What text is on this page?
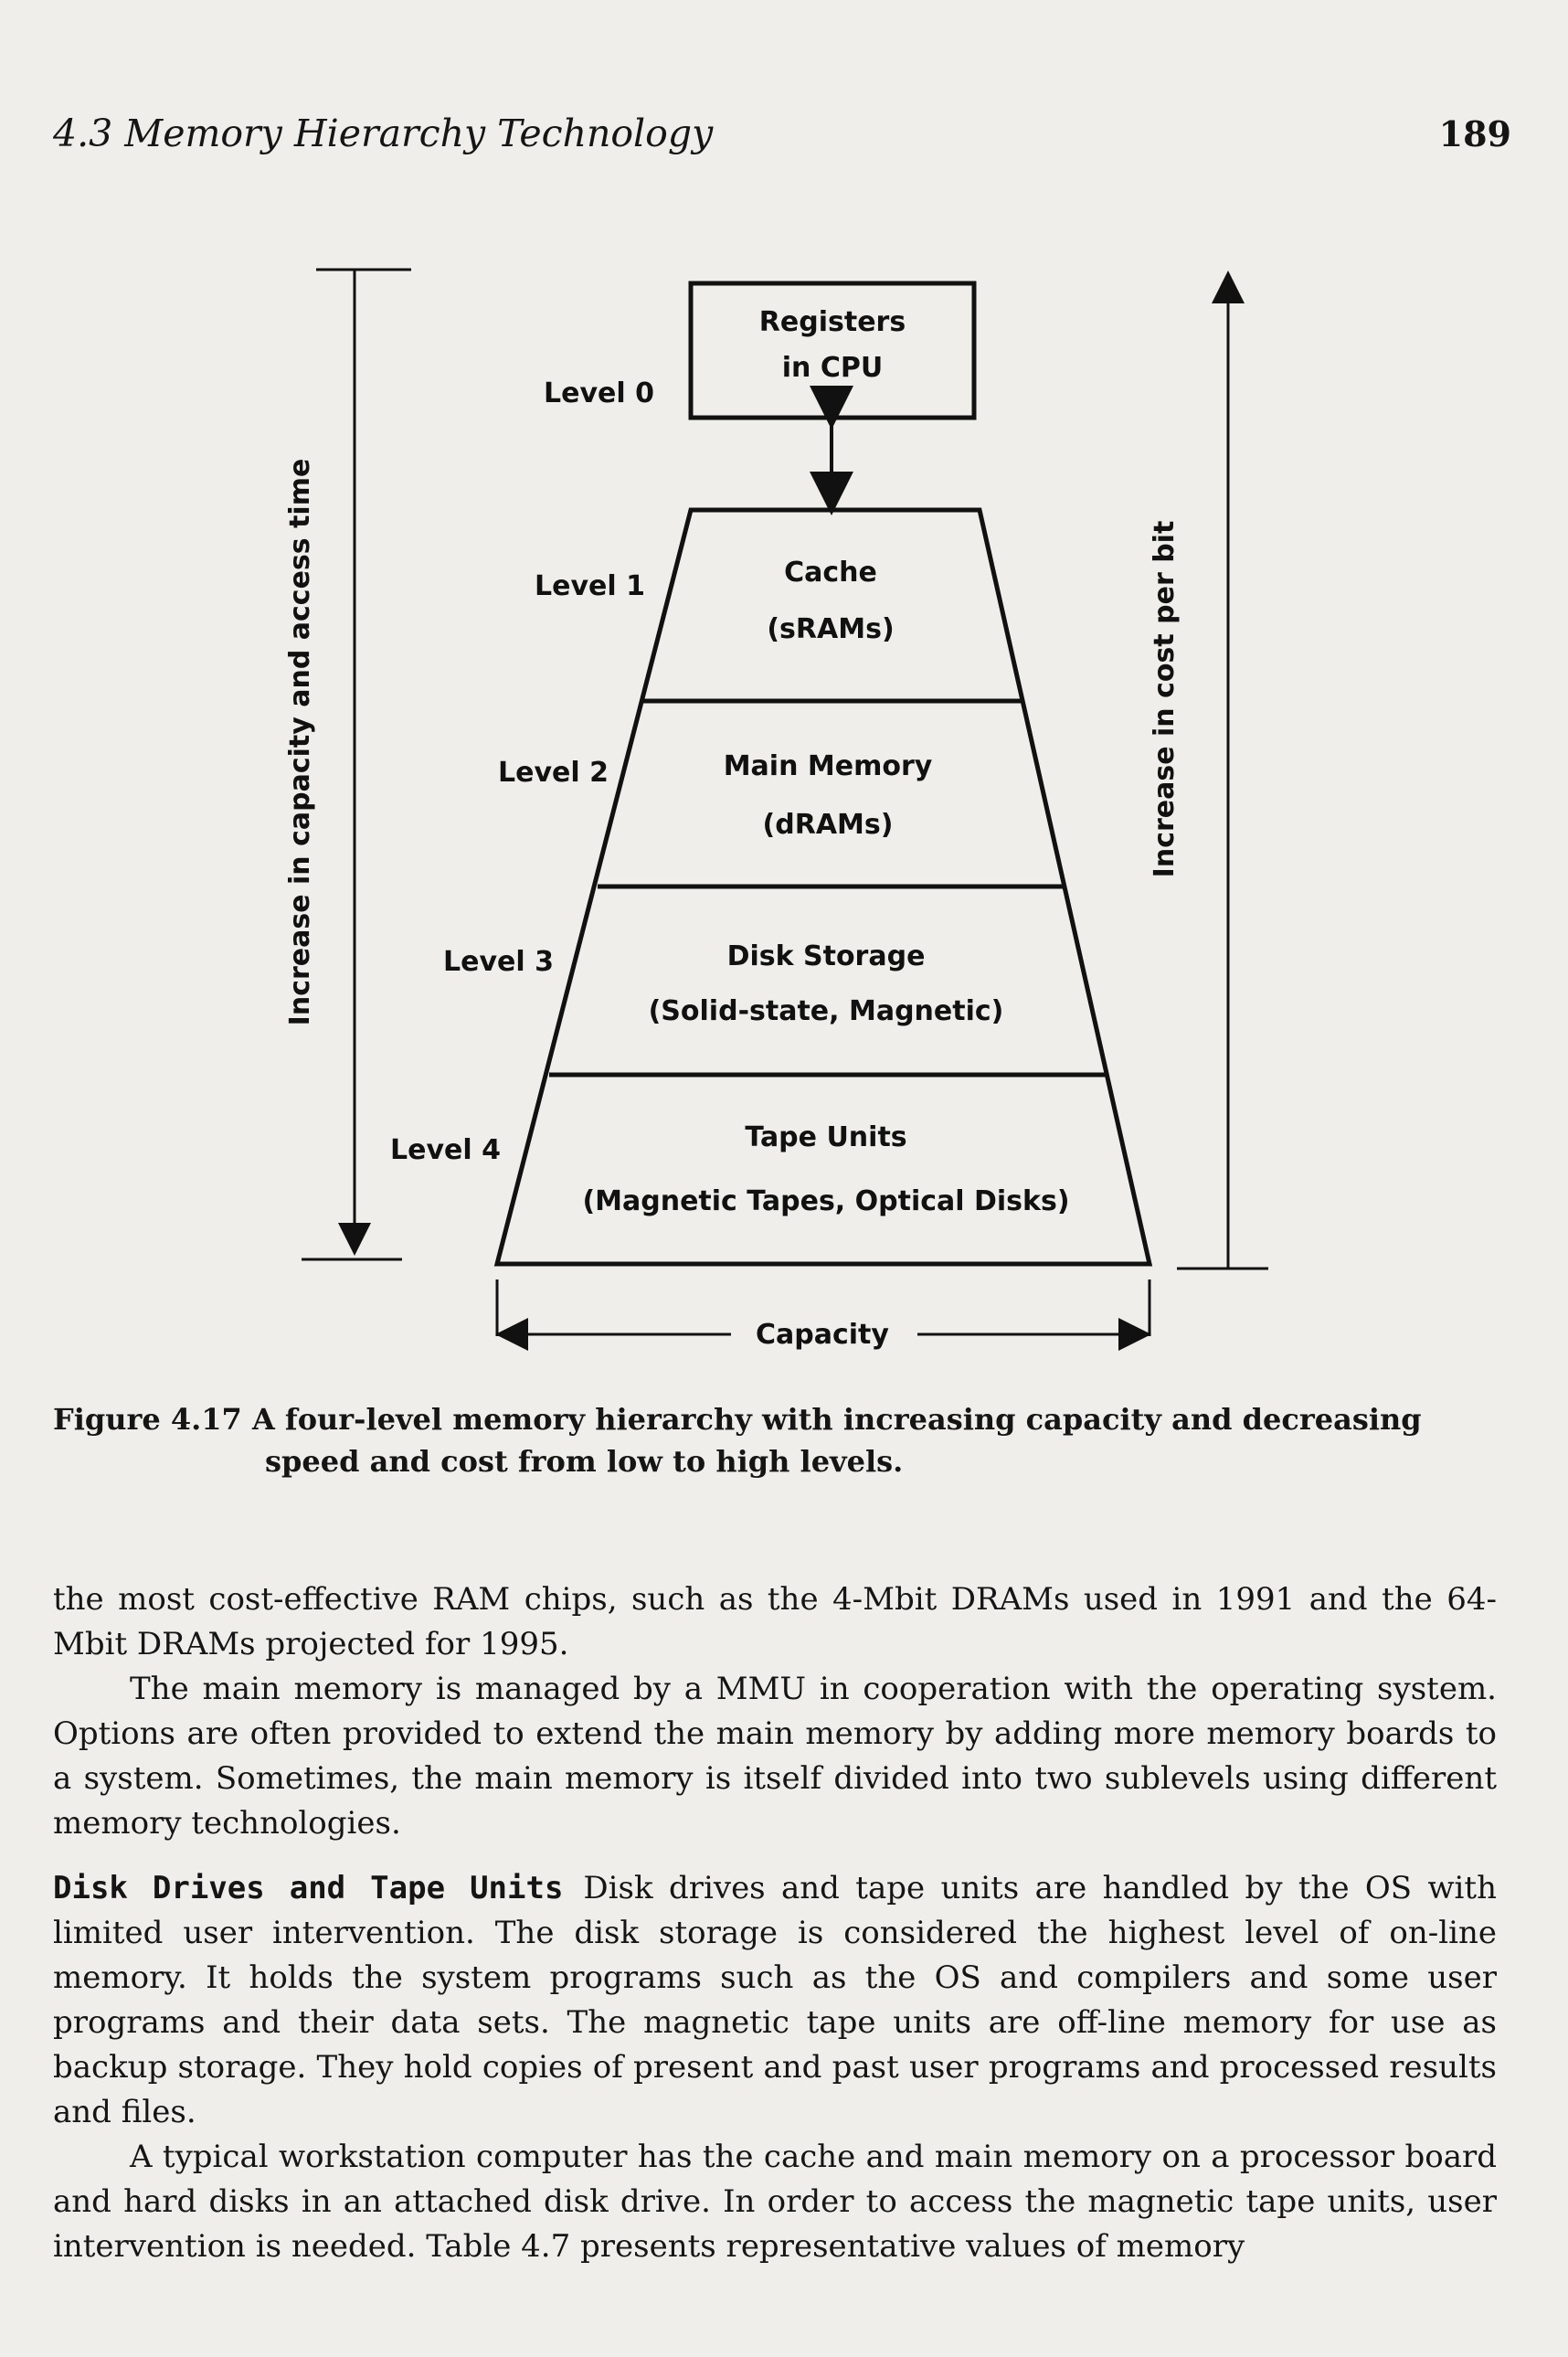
4.3 Memory Hierarchy Technology	189
Registers
in CPU
Cache
(sRAMs)
Main Memory
(dRAMs)
Disk Storage
(Solid-state, Magnetic)
Tape Units
(Magnetic Tapes, Optical Disks)
Level 0
Level 1
Level 2
Level 3
Level 4
Increase in capacity and access time	Increase in cost per bit
Capacity
Figure 4.17 A four-level memory hierarchy with increasing capacity and decreasing
speed and cost from low to high levels.

the most cost-effective RAM chips, such as the 4-Mbit DRAMs used in 1991 and the 64-Mbit DRAMs projected for 1995.

The main memory is managed by a MMU in cooperation with the operating system. Options are often provided to extend the main memory by adding more memory boards to a system. Sometimes, the main memory is itself divided into two sublevels using different memory technologies.

Disk Drives and Tape Units Disk drives and tape units are handled by the OS with limited user intervention. The disk storage is considered the highest level of on-line memory. It holds the system programs such as the OS and compilers and some user programs and their data sets. The magnetic tape units are off-line memory for use as backup storage. They hold copies of present and past user programs and processed results and files.

A typical workstation computer has the cache and main memory on a processor board and hard disks in an attached disk drive. In order to access the magnetic tape units, user intervention is needed. Table 4.7 presents representative values of memory
